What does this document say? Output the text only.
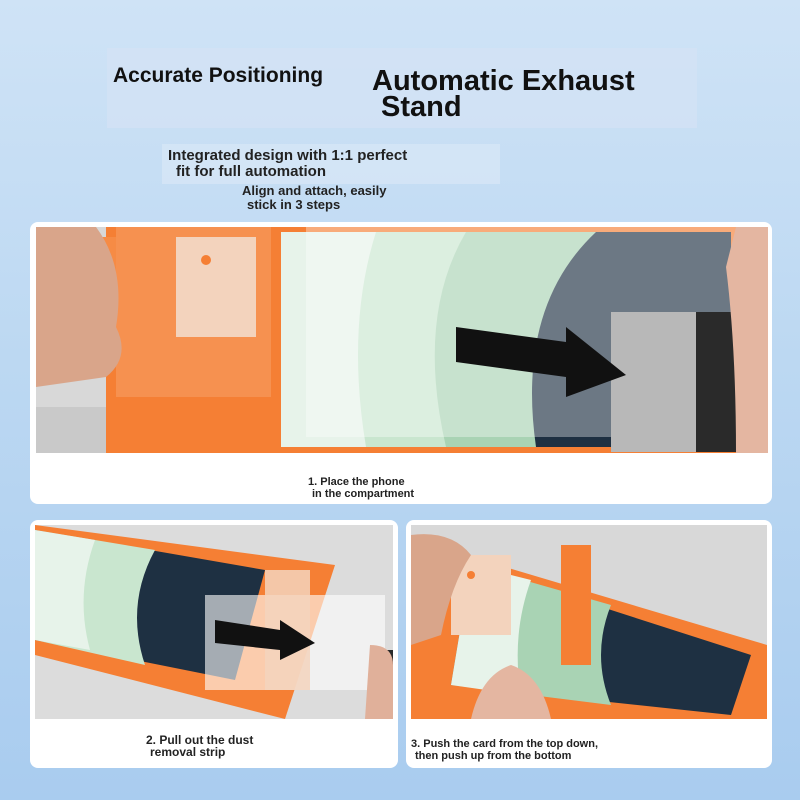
Accurate Positioning Automatic Exhaust
Stand
Integrated design with 1:1 perfect
fit for full automation
Align and attach, easily
stick in 3 steps
1. Place the phone
in the compartment
2. Pull out the dust
removal strip
3. Push the card from the top down,
then push up from the bottom
